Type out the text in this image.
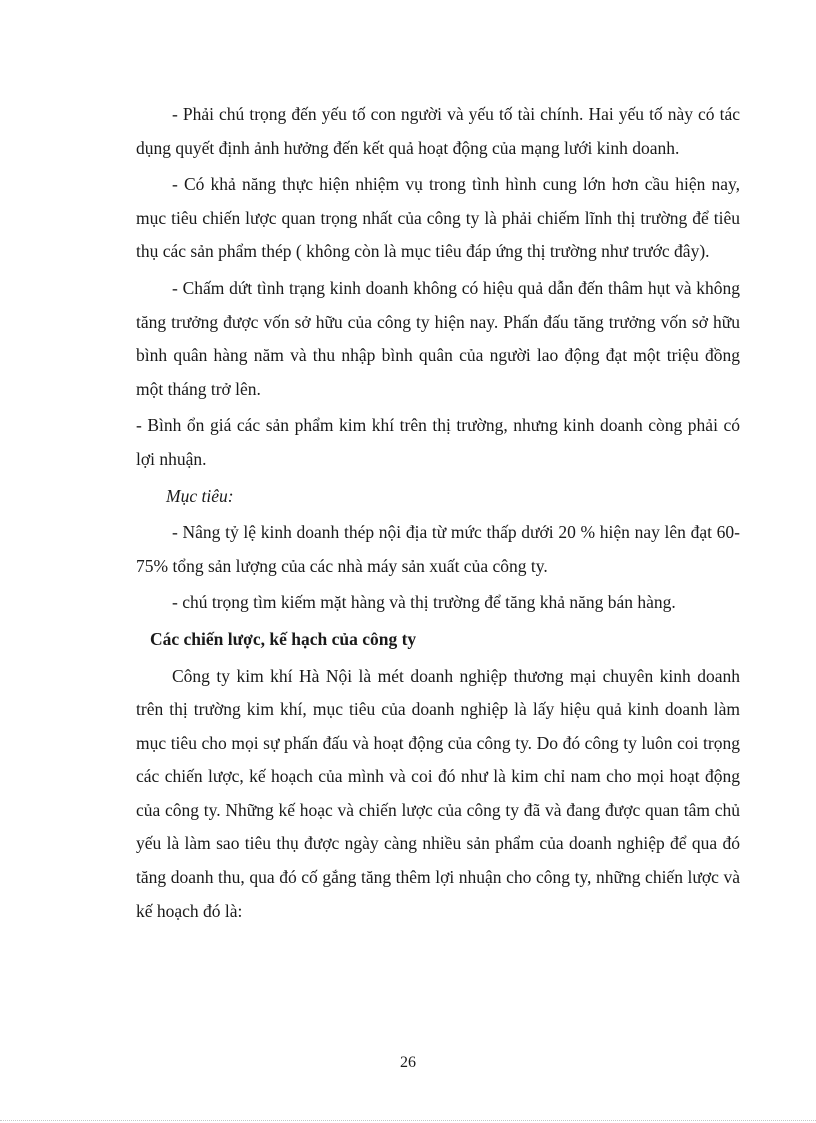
- Phải chú trọng đến yếu tố con người và yếu tố tài chính. Hai yếu tố này có tác dụng quyết định ảnh hưởng đến kết quả hoạt động của mạng lưới kinh doanh.

- Có khả năng thực hiện nhiệm vụ trong tình hình cung lớn hơn cầu hiện nay, mục tiêu chiến lược quan trọng nhất của công ty là phải chiếm lĩnh thị trường để tiêu thụ các sản phẩm thép ( không còn là mục tiêu đáp ứng thị trường như trước đây).

- Chấm dứt tình trạng kinh doanh không có hiệu quả dẫn đến thâm hụt và không tăng trưởng được vốn sở hữu của công ty hiện nay. Phấn đấu tăng trưởng vốn sở hữu bình quân hàng năm và thu nhập bình quân của người lao động đạt một triệu đồng một tháng trở lên.

- Bình ổn giá các sản phẩm kim khí trên thị trường, nhưng kinh doanh còng phải có lợi nhuận.

Mục tiêu:

- Nâng tỷ lệ kinh doanh thép nội địa từ mức thấp dưới 20 % hiện nay lên đạt 60-75% tổng sản lượng của các nhà máy sản xuất của công ty.

- chú trọng tìm kiếm mặt hàng và thị trường để tăng khả năng bán hàng.

Các chiến lược, kế hạch của công ty

Công ty kim khí Hà Nội là mét doanh nghiệp thương mại chuyên kinh doanh trên thị trường kim khí, mục tiêu của doanh nghiệp là lấy hiệu quả kinh doanh làm mục tiêu cho mọi sự phấn đấu và hoạt động của công ty. Do đó công ty luôn coi trọng các chiến lược, kế hoạch của mình và coi đó như là kim chỉ nam cho mọi hoạt động của công ty. Những kế hoạc và chiến lược của công ty đã và đang được quan tâm chủ yếu là làm sao tiêu thụ được ngày càng nhiều sản phẩm của doanh nghiệp để qua đó tăng doanh thu, qua đó cố gắng tăng thêm lợi nhuận cho công ty, những chiến lược và kế hoạch đó là:

26
